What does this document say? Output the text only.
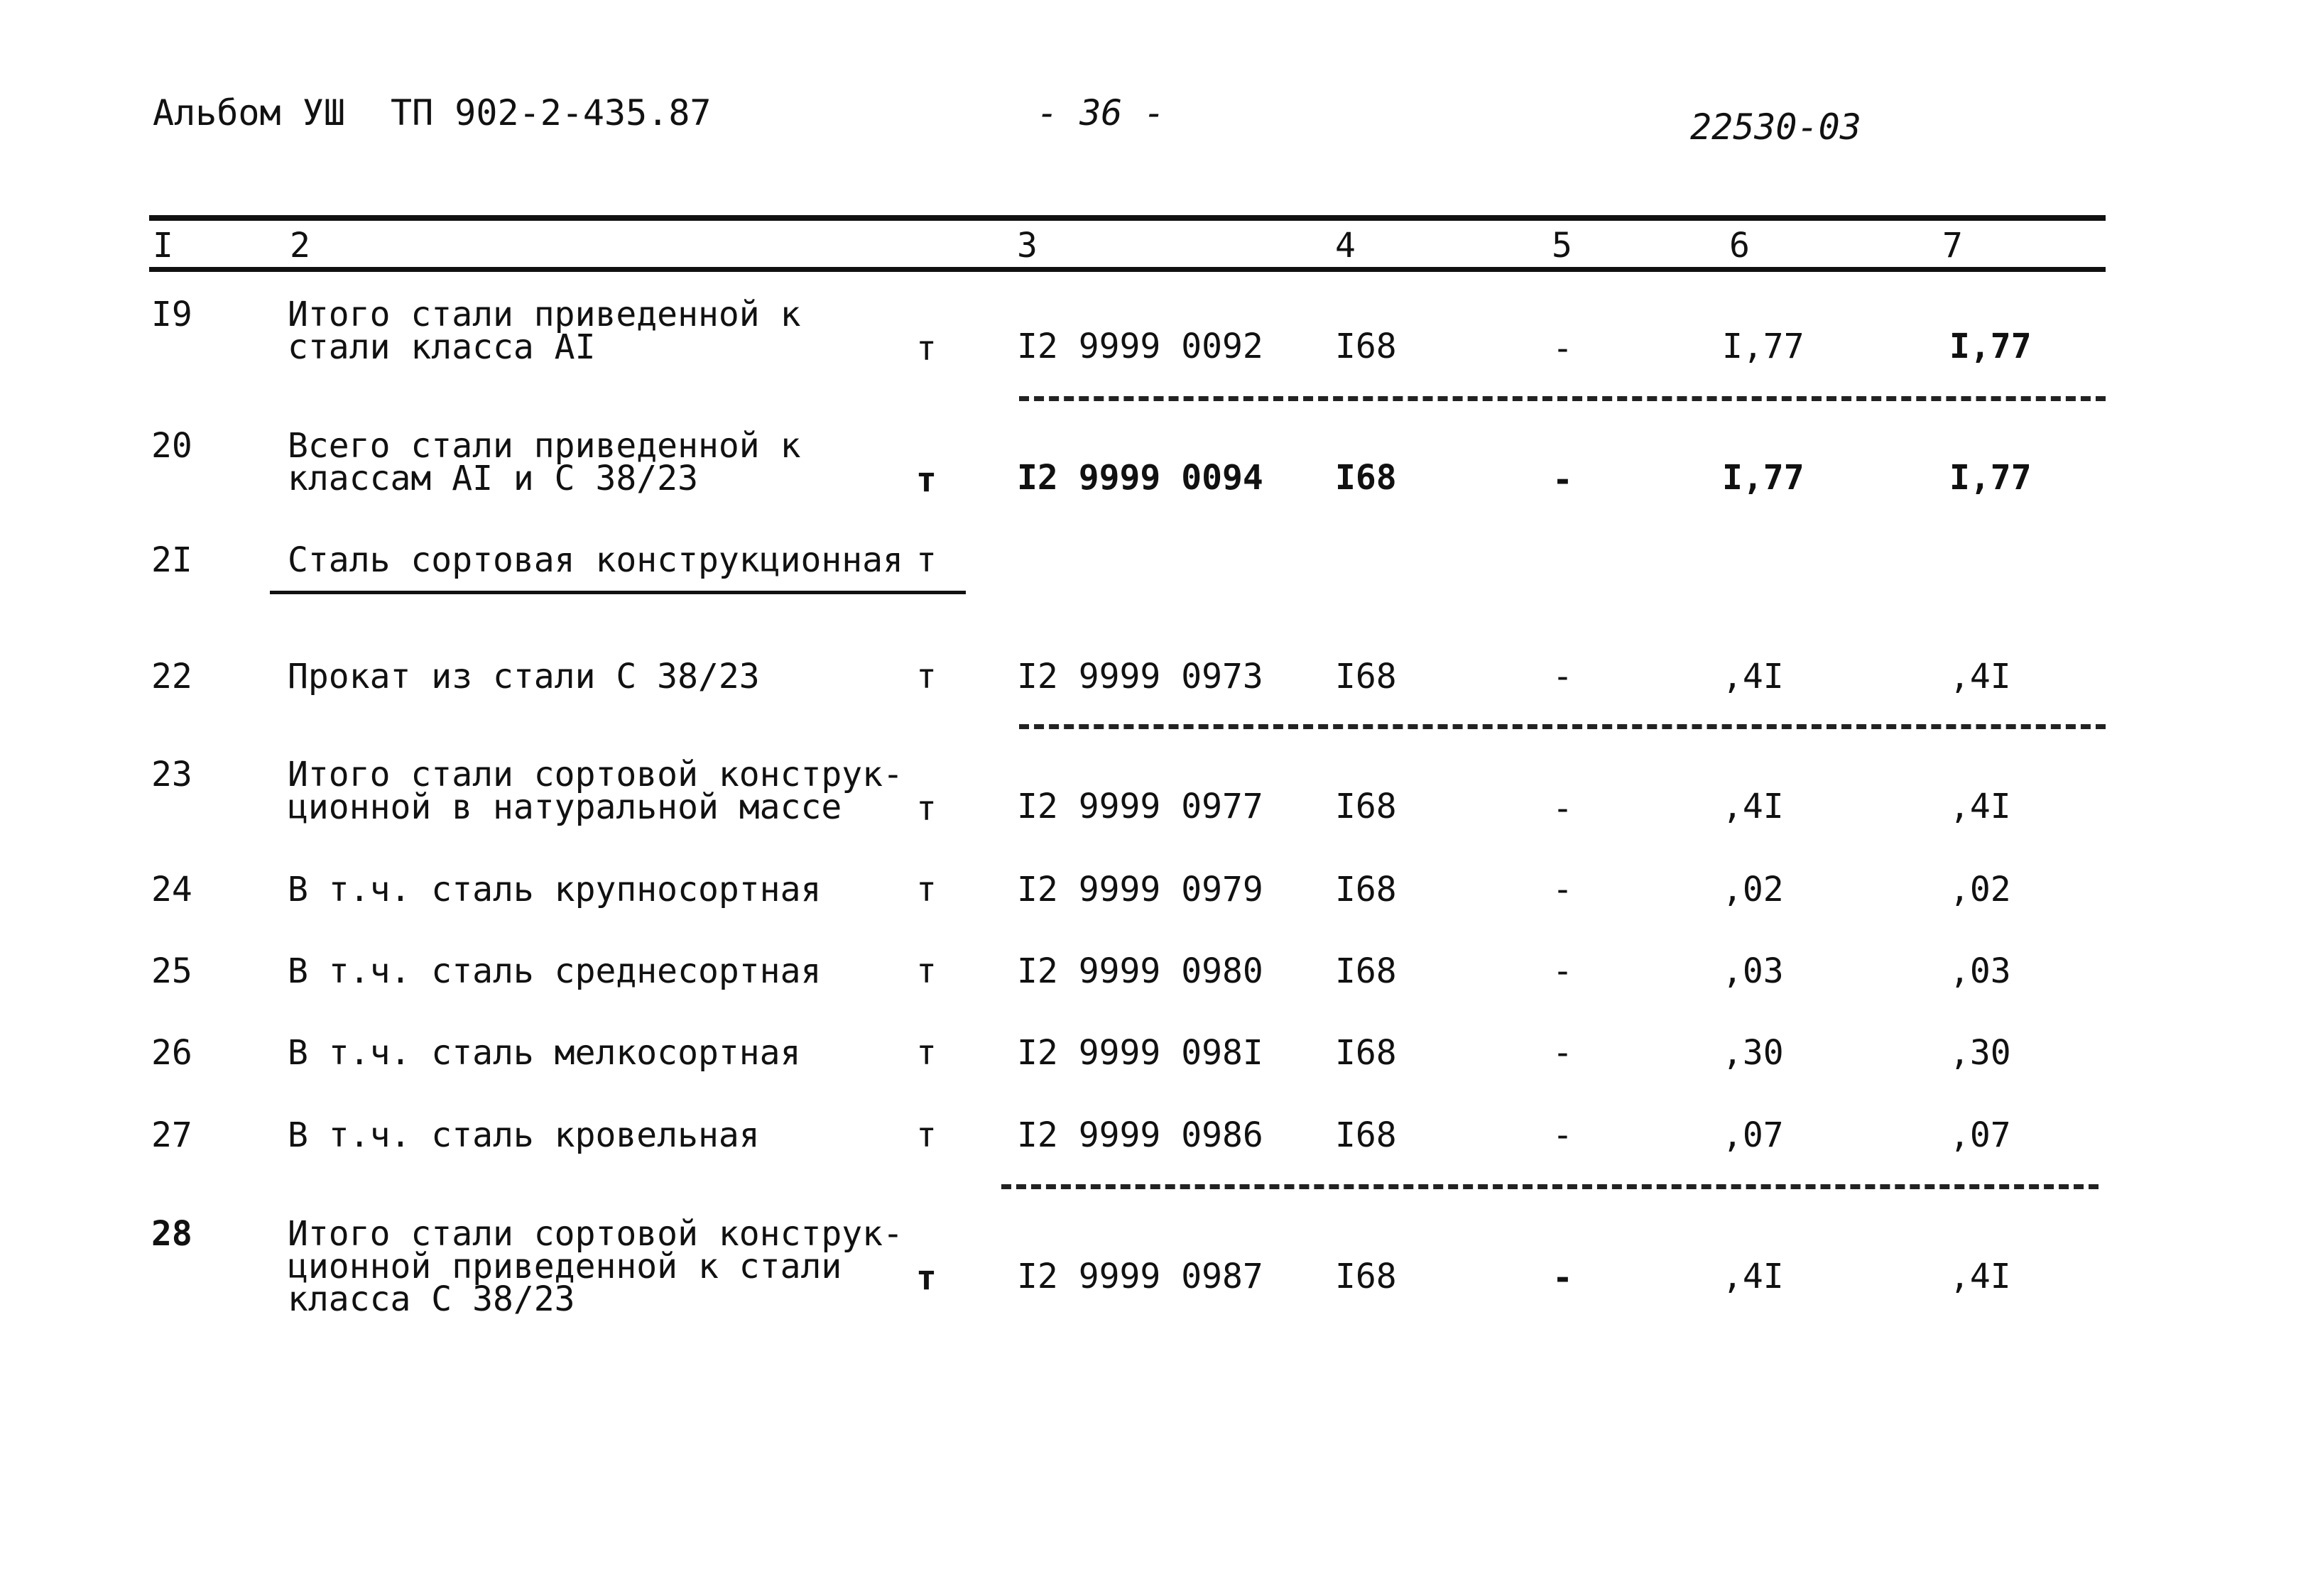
Альбом УШ ТП 902-2-435.87	- 36 -	22530-03
I	2	3	4	5	6	7
I9	Итого стали приведенной к
стали класса АI	т I2 9999 0092 I68	-	I,77	I,77
20	Всего стали приведенной к
классам АI и С 38/23	т I2 9999 0094 I68	-	I,77	I,77
2I	Сталь сортовая конструкционная т
22	Прокат из стали С 38/23	т I2 9999 0973 I68	-	,4I	,4I
23	Итого стали сортовой конструк-
ционной в натуральной массе	т I2 9999 0977 I68	-	,4I	,4I
24	В т.ч. сталь крупносортная	т I2 9999 0979 I68	-	,02	,02
25	В т.ч. сталь среднесортная	т I2 9999 0980 I68	-	,03	,03
26	В т.ч. сталь мелкосортная	т I2 9999 098I I68	-	,30	,30
27	В т.ч. сталь кровельная	т I2 9999 0986 I68	-	,07	,07
28	Итого стали сортовой конструк-
ционной приведенной к стали
класса С 38/23
т I2 9999 0987 I68	-	,4I	,4I
